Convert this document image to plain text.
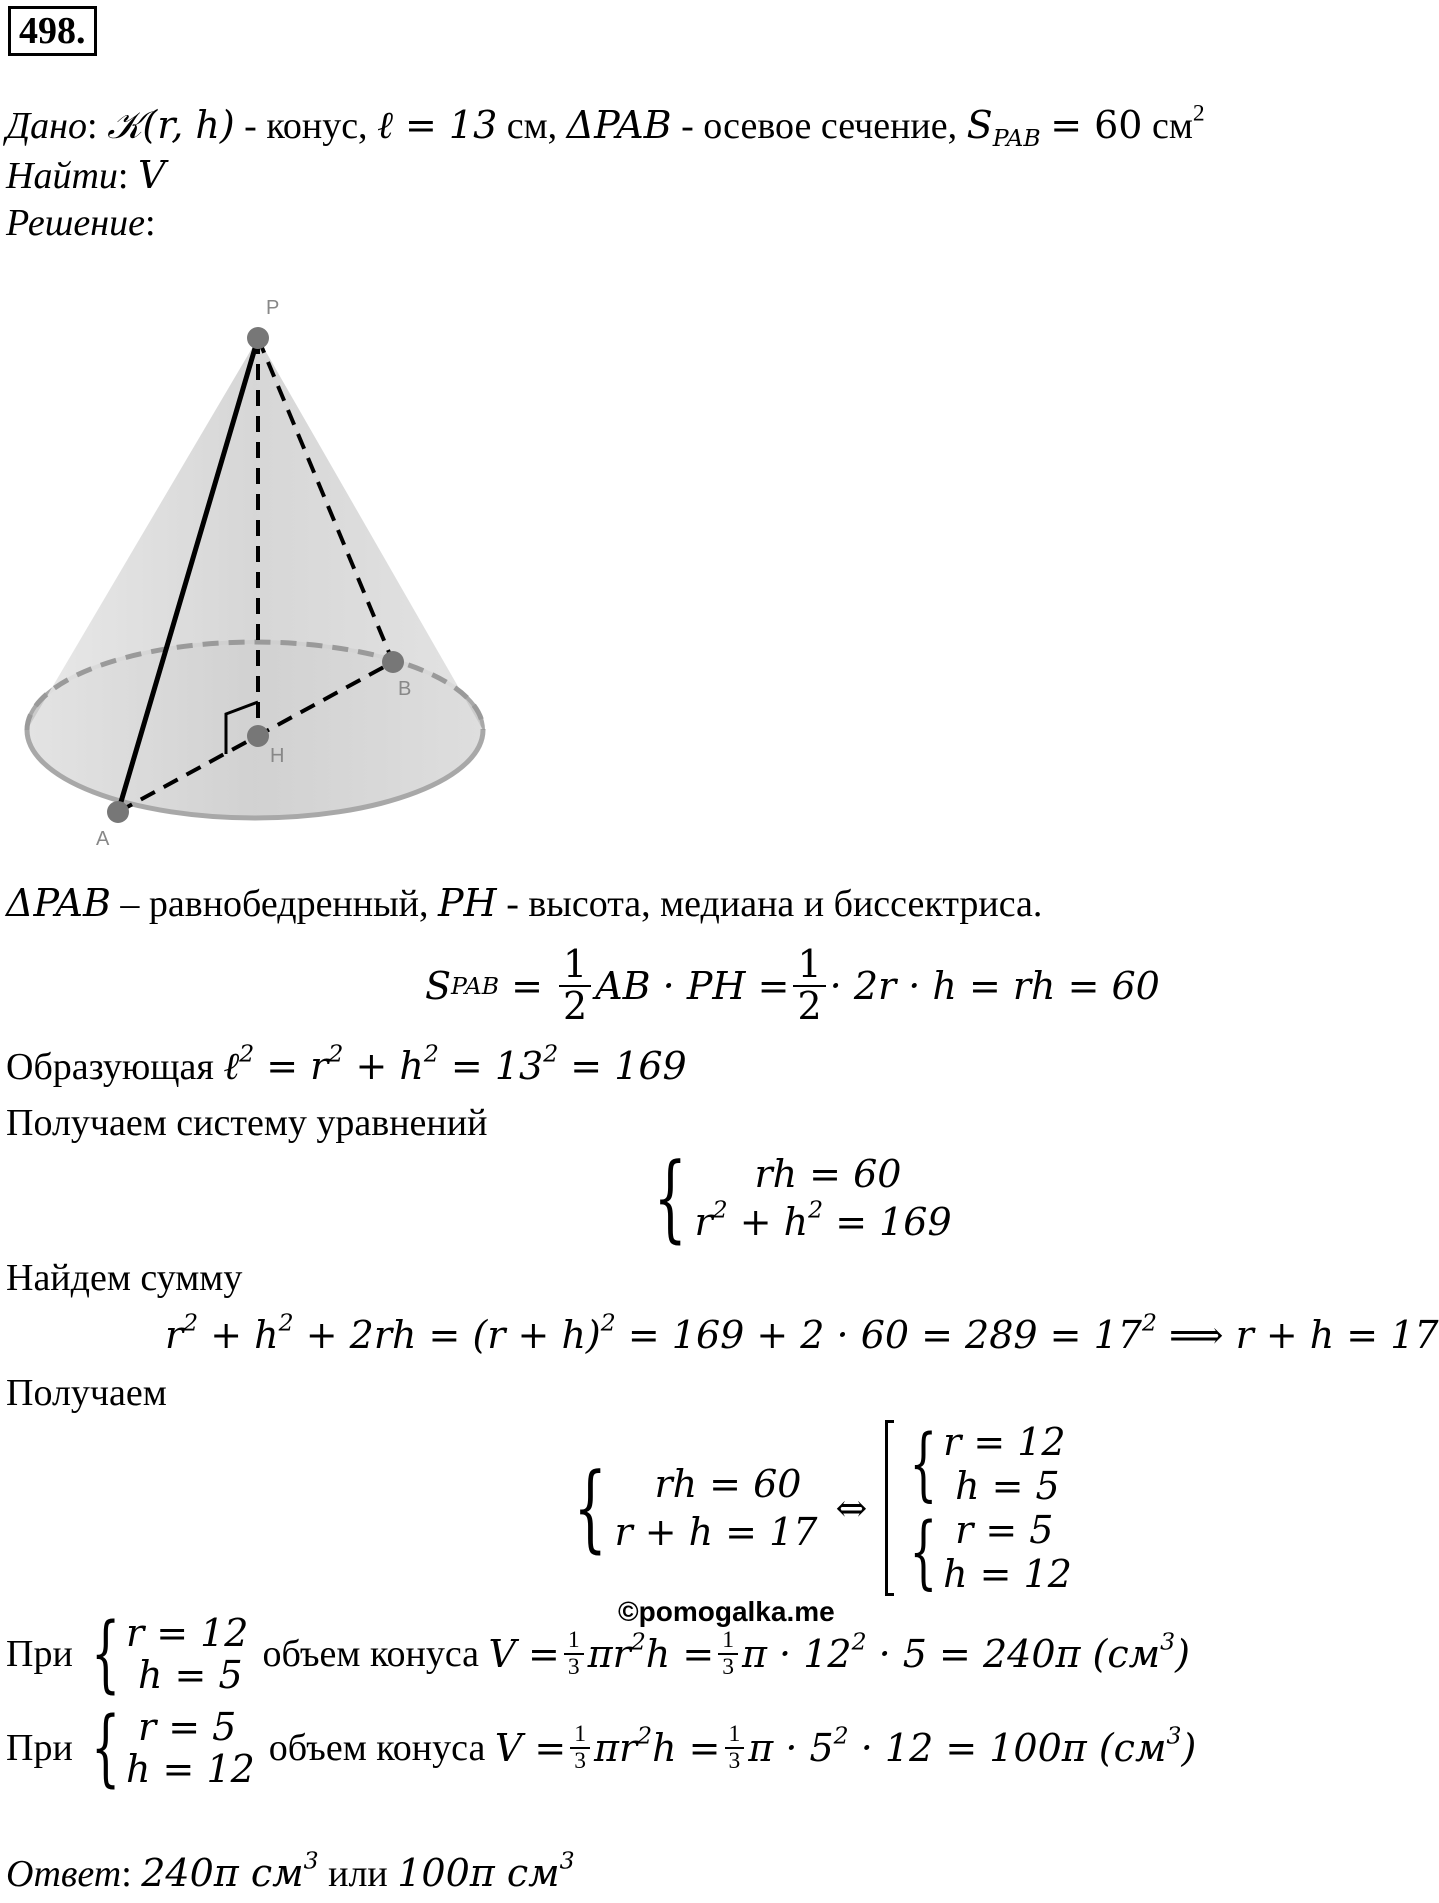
498.
Дано: 𝒦(r, h) - конус, ℓ = 13 см, ΔPAB - осевое сечение, $S_{PAB} = 60$ $см^2$
Найти: V
Решение:
P
A
B
H
ΔPAB – равнобедренный, PH - высота, медиана и биссектриса.
S PAB = $\frac{1}{2}$ AB · PH = $\frac{1}{2} \cdot 2r \cdot h$ = rh = 60
Образующая ℓ$^2$ = $r^2 + h^2 = 13^2 = 169$
Получаем систему уравнений
{	rh = 60
$r^2 + h^2 = 169$
Найдем сумму
$r^2 + h^2 + 2rh = (r + h)^2 = 169 + 2 \cdot 60 = 289 = 17^2$ ⟹ r + h = 17
Получаем
{	rh = 60
r + h = 17
⇔ { r = 12
h = 5
{ r = 5
h = 12
©pomogalka.me
При { r = 12
h = 5 объем конуса
$V = \frac{1}{3} \pi r^2h = \frac{1}{3}$ $\pi \cdot 12^2 \cdot 5 = 240\pi$ $(см^3)$
При { r = 5
h = 12 объем конуса
$V = \frac{1}{3} \pi r^2h = \frac{1}{3}$ $\pi \cdot 5^2 \cdot 12 = 100\pi$ $(см^3)$
Ответ: 240π $см^3$ или 100π $см^3$
